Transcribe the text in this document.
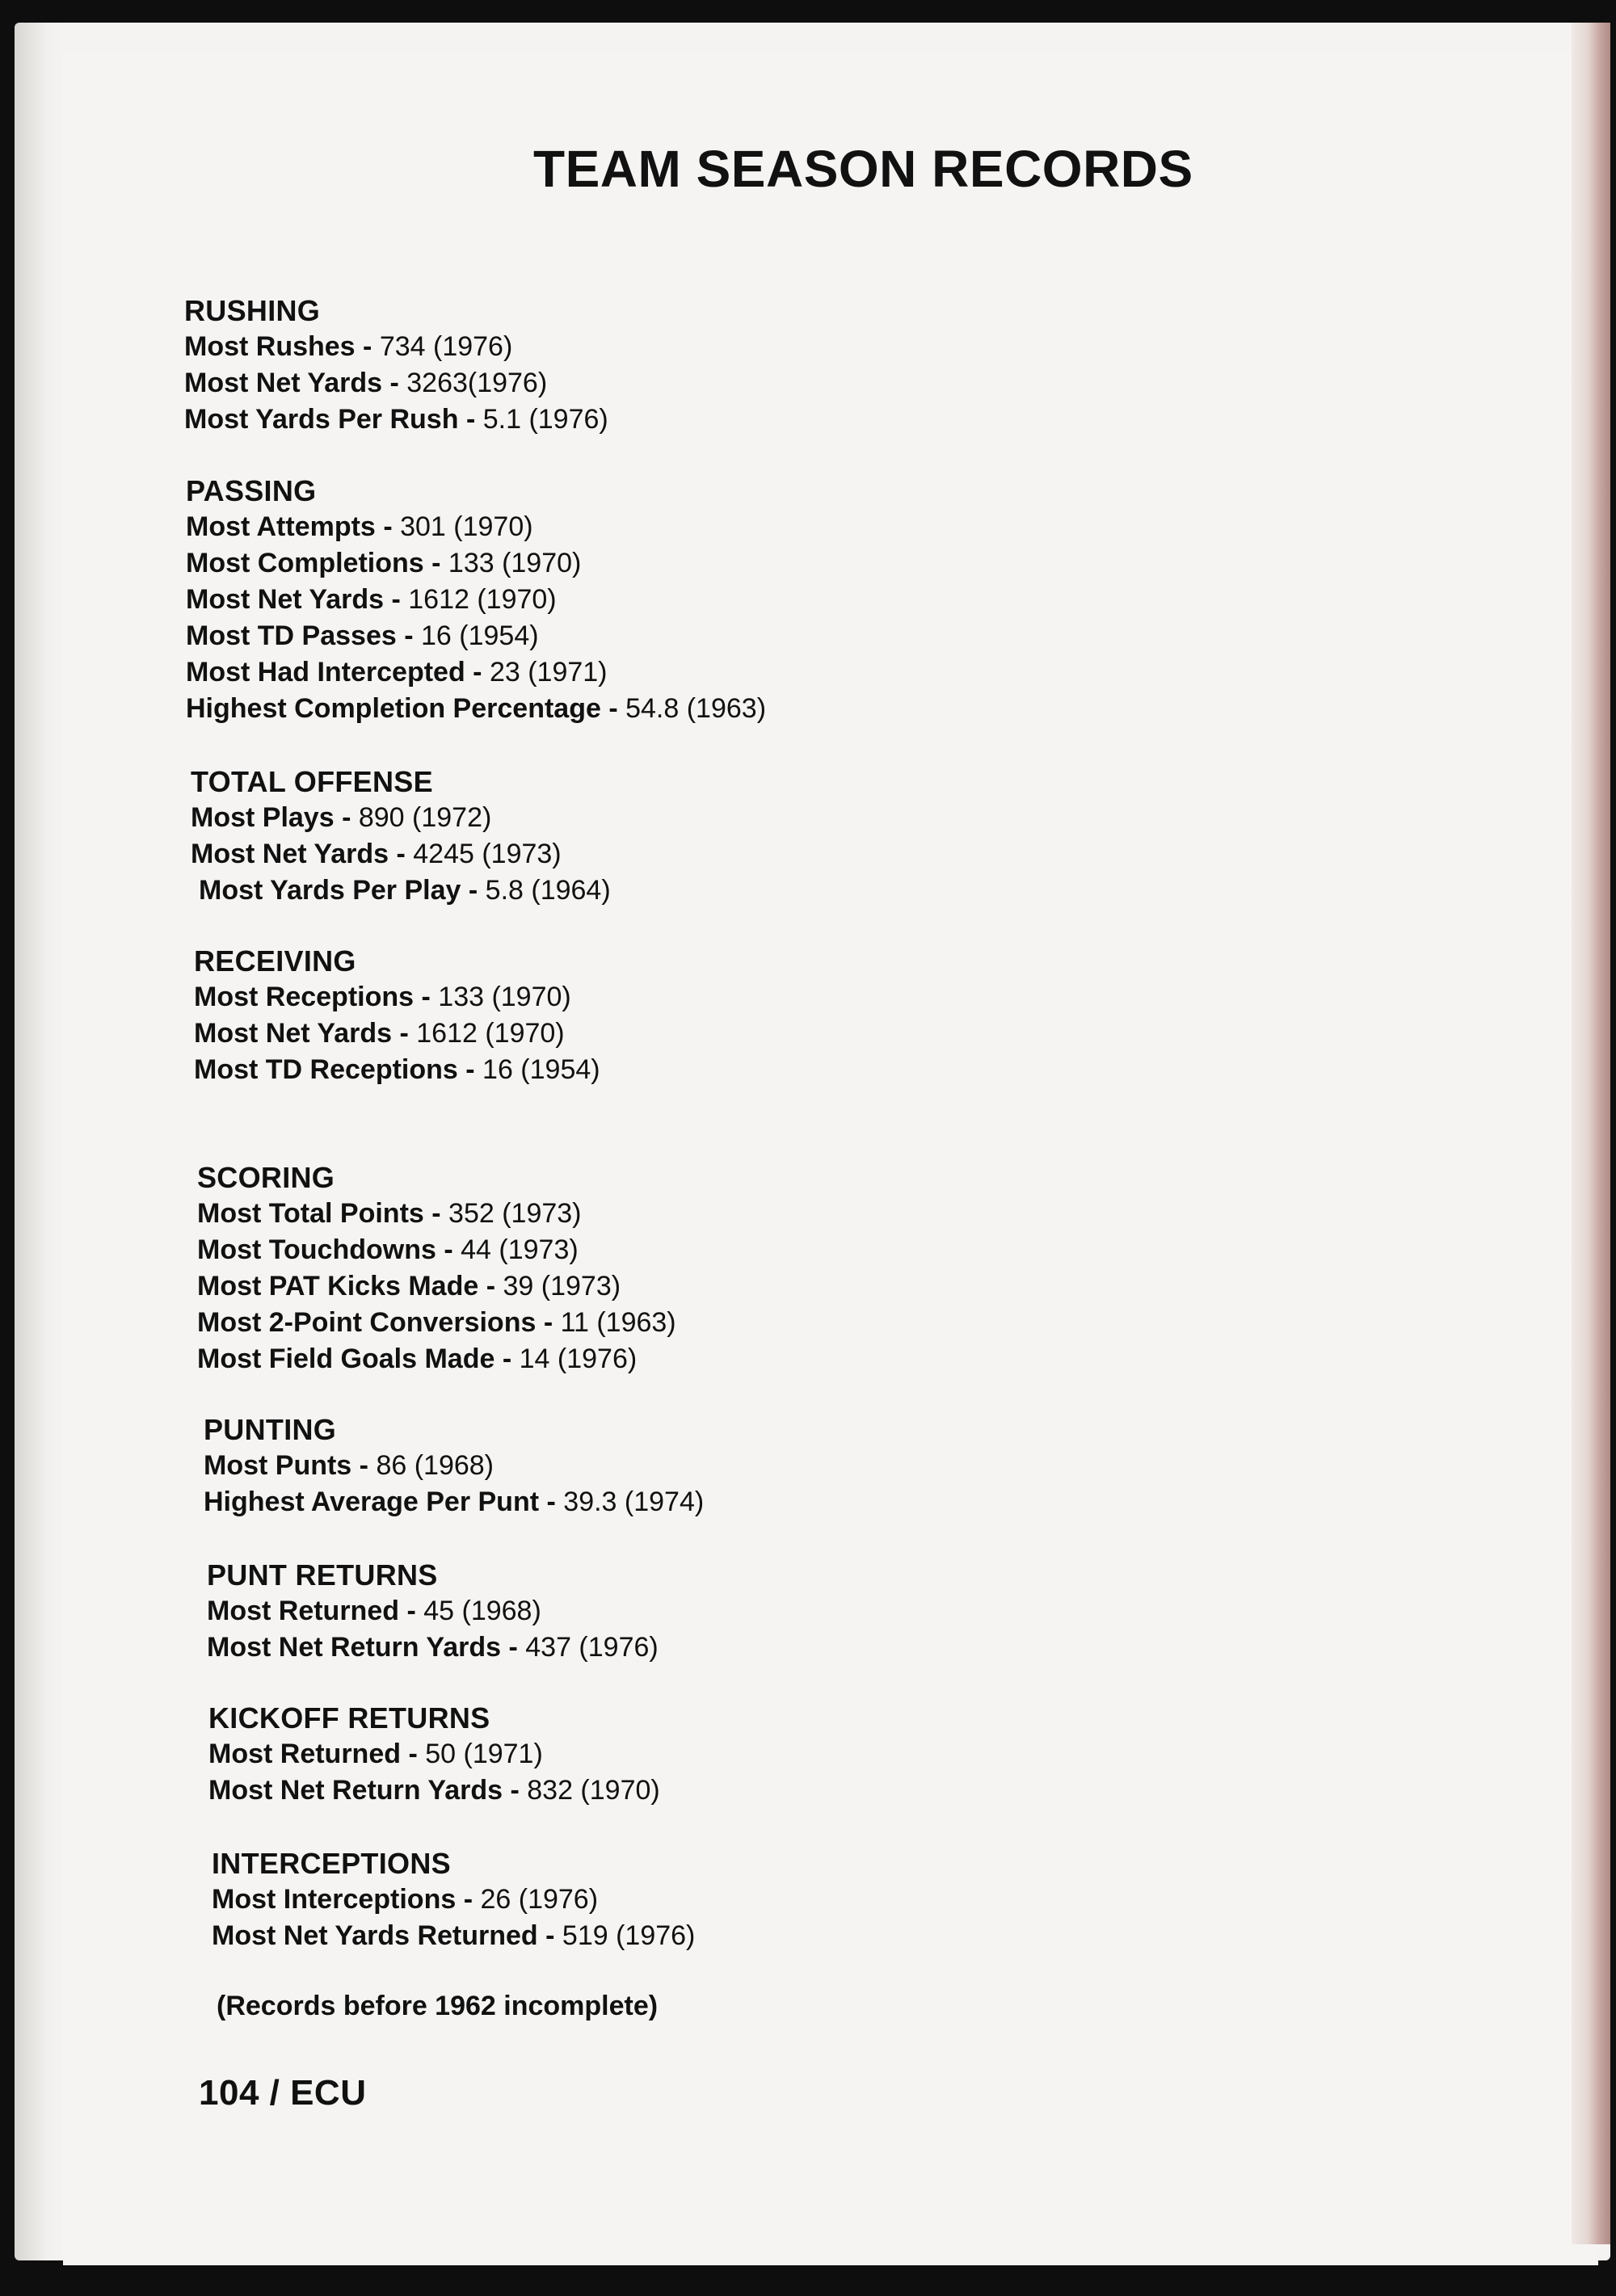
TEAM SEASON RECORDS
RUSHING
Most Rushes - 734 (1976)
Most Net Yards - 3263(1976)
Most Yards Per Rush - 5.1 (1976)
PASSING
Most Attempts - 301 (1970)
Most Completions - 133 (1970)
Most Net Yards - 1612 (1970)
Most TD Passes - 16 (1954)
Most Had Intercepted - 23 (1971)
Highest Completion Percentage - 54.8 (1963)
TOTAL OFFENSE
Most Plays - 890 (1972)
Most Net Yards - 4245 (1973)
Most Yards Per Play - 5.8 (1964)
RECEIVING
Most Receptions - 133 (1970)
Most Net Yards - 1612 (1970)
Most TD Receptions - 16 (1954)
SCORING
Most Total Points - 352 (1973)
Most Touchdowns - 44 (1973)
Most PAT Kicks Made - 39 (1973)
Most 2-Point Conversions - 11 (1963)
Most Field Goals Made - 14 (1976)
PUNTING
Most Punts - 86 (1968)
Highest Average Per Punt - 39.3 (1974)
PUNT RETURNS
Most Returned - 45 (1968)
Most Net Return Yards - 437 (1976)
KICKOFF RETURNS
Most Returned - 50 (1971)
Most Net Return Yards - 832 (1970)
INTERCEPTIONS
Most Interceptions - 26 (1976)
Most Net Yards Returned - 519 (1976)
(Records before 1962 incomplete)
104 / ECU
